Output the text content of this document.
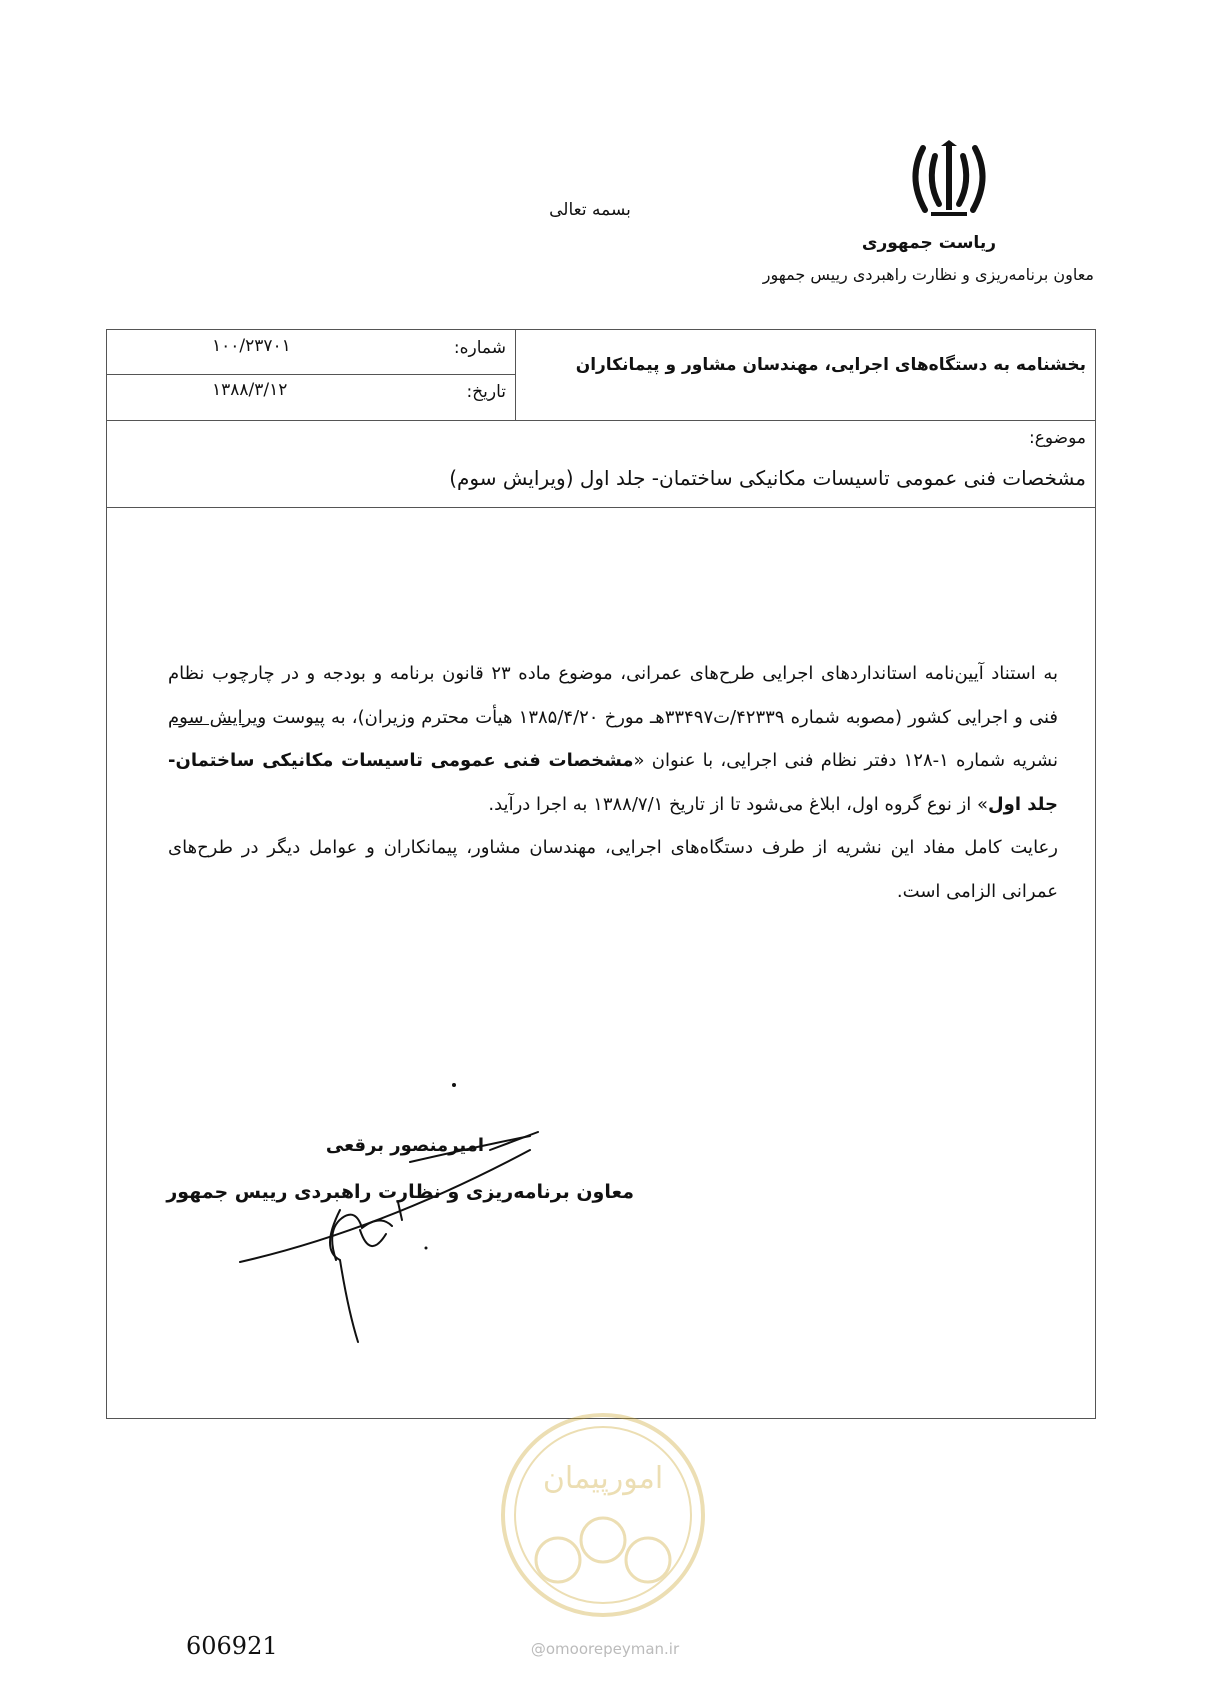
بسمه تعالی
ریاست جمهوری
معاون برنامه‌ریزی و نظارت راهبردی رییس جمهور
شماره:
۱۰۰/۲۳۷۰۱
تاریخ:
۱۳۸۸/۳/۱۲
بخشنامه به دستگاه‌های اجرایی، مهندسان مشاور و پیمانکاران
موضوع:
مشخصات فنی عمومی تاسیسات مکانیکی ساختمان- جلد اول (ویرایش سوم)

به استناد آیین‌نامه استانداردهای اجرایی طرح‌های عمرانی، موضوع ماده ۲۳ قانون برنامه و بودجه و در چارچوب نظام فنی و اجرایی کشور (مصوبه شماره ۴۲۳۳۹/ت۳۳۴۹۷هـ مورخ ۱۳۸۵/۴/۲۰ هیأت محترم وزیران)، به پیوست ویرایش سوم نشریه شماره ۱-۱۲۸ دفتر نظام فنی اجرایی، با عنوان «مشخصات فنی عمومی تاسیسات مکانیکی ساختمان- جلد اول» از نوع گروه اول، ابلاغ می‌شود تا از تاریخ ۱۳۸۸/۷/۱ به اجرا درآید.

رعایت کامل مفاد این نشریه از طرف دستگاه‌های اجرایی، مهندسان مشاور، پیمانکاران و عوامل دیگر در طرح‌های عمرانی الزامی است.

امیرمنصور برقعی
معاون برنامه‌ریزی و نظارت راهبردی رییس جمهور
امورپیمان
@omoorepeyman.ir
606921
